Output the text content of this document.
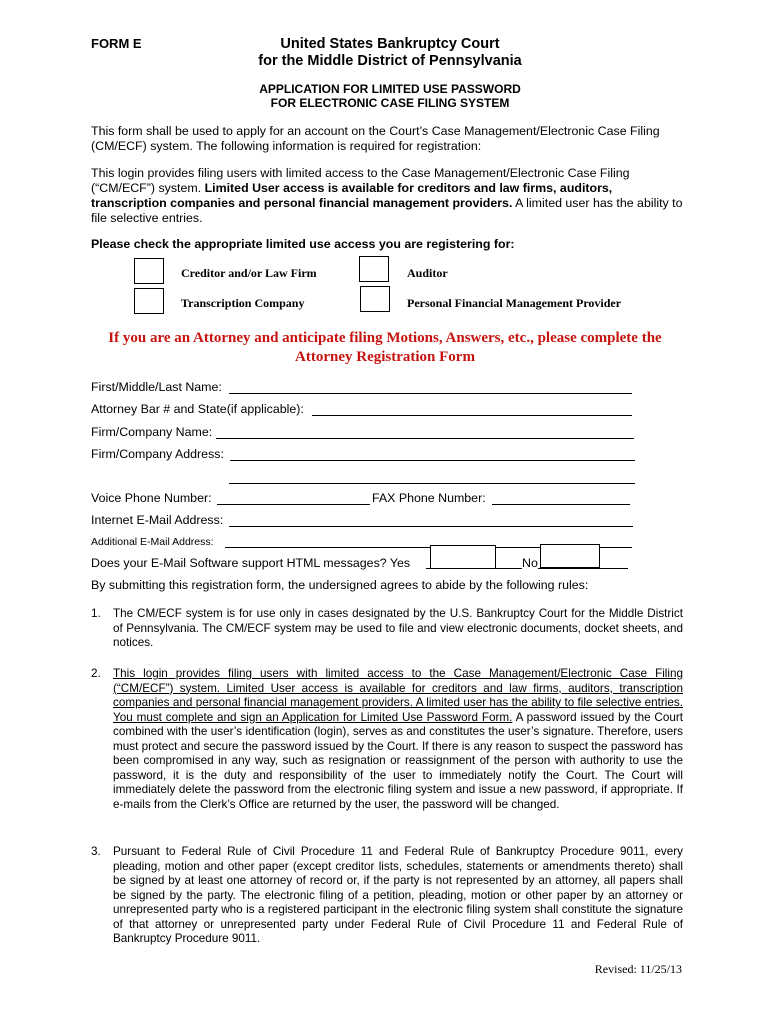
FORM E	United States Bankruptcy Court
for the Middle District of Pennsylvania
APPLICATION FOR LIMITED USE PASSWORD
FOR ELECTRONIC CASE FILING SYSTEM
This form shall be used to apply for an account on the Court’s Case Management/Electronic Case Filing (CM/ECF) system. The following information is required for registration:
This login provides filing users with limited access to the Case Management/Electronic Case Filing (“CM/ECF”) system. Limited User access is available for creditors and law firms, auditors, transcription companies and personal financial management providers. A limited user has the ability to file selective entries.
Please check the appropriate limited use access you are registering for:
Creditor and/or Law Firm	Auditor
Transcription Company	Personal Financial Management Provider
If you are an Attorney and anticipate filing Motions, Answers, etc., please complete the Attorney Registration Form
First/Middle/Last Name:
Attorney Bar # and State(if applicable):
Firm/Company Name:
Firm/Company Address:
Voice Phone Number:	FAX Phone Number:
Internet E-Mail Address:
Additional E-Mail Address:
Does your E-Mail Software support HTML messages? Yes	No
By submitting this registration form, the undersigned agrees to abide by the following rules:
1. The CM/ECF system is for use only in cases designated by the U.S. Bankruptcy Court for the Middle District of Pennsylvania. The CM/ECF system may be used to file and view electronic documents, docket sheets, and notices.
2. This login provides filing users with limited access to the Case Management/Electronic Case Filing (“CM/ECF”) system. Limited User access is available for creditors and law firms, auditors, transcription companies and personal financial management providers. A limited user has the ability to file selective entries. You must complete and sign an Application for Limited Use Password Form. A password issued by the Court combined with the user’s identification (login), serves as and constitutes the user’s signature. Therefore, users must protect and secure the password issued by the Court. If there is any reason to suspect the password has been compromised in any way, such as resignation or reassignment of the person with authority to use the password, it is the duty and responsibility of the user to immediately notify the Court. The Court will immediately delete the password from the electronic filing system and issue a new password, if appropriate. If e-mails from the Clerk’s Office are returned by the user, the password will be changed.
3. Pursuant to Federal Rule of Civil Procedure 11 and Federal Rule of Bankruptcy Procedure 9011, every pleading, motion and other paper (except creditor lists, schedules, statements or amendments thereto) shall be signed by at least one attorney of record or, if the party is not represented by an attorney, all papers shall be signed by the party. The electronic filing of a petition, pleading, motion or other paper by an attorney or unrepresented party who is a registered participant in the electronic filing system shall constitute the signature of that attorney or unrepresented party under Federal Rule of Civil Procedure 11 and Federal Rule of Bankruptcy Procedure 9011.
Revised: 11/25/13
